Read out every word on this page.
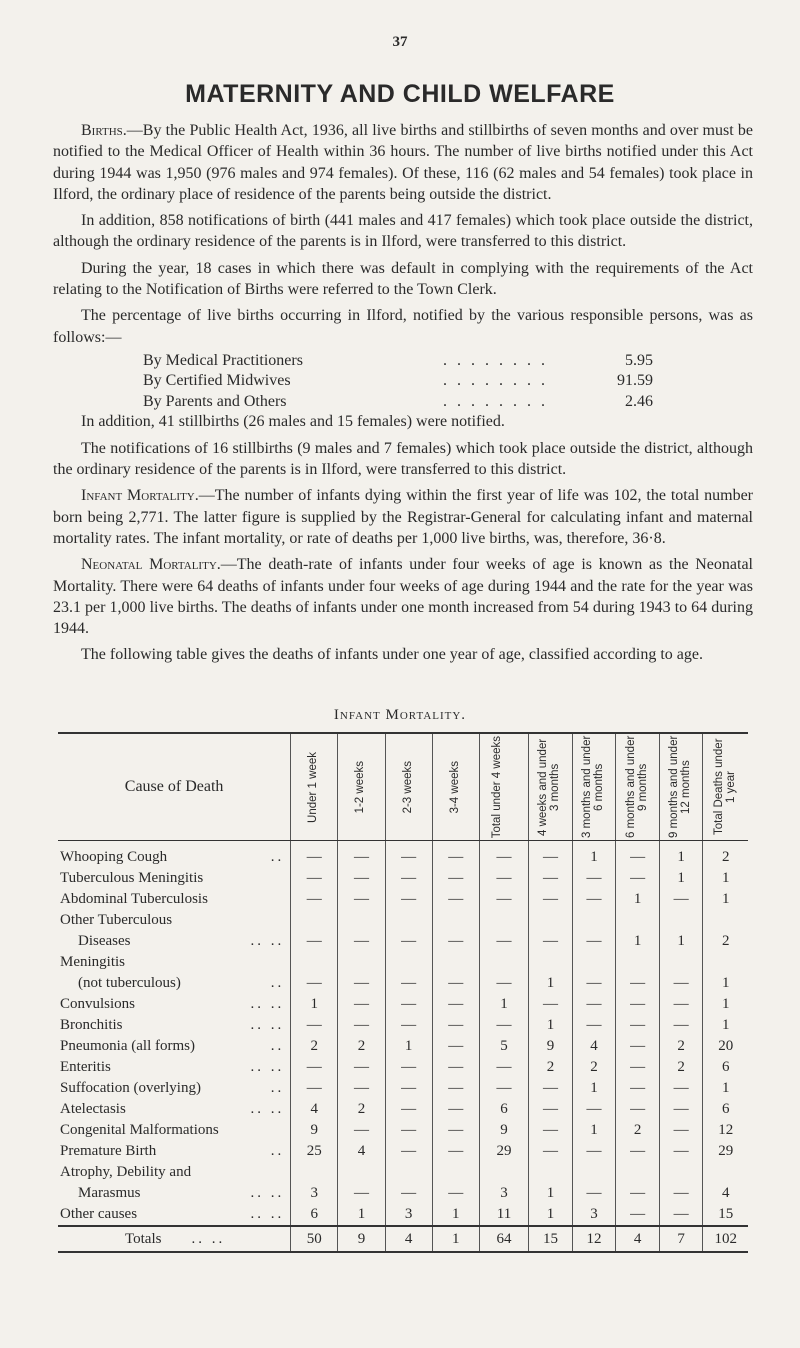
37
MATERNITY AND CHILD WELFARE

Births.—By the Public Health Act, 1936, all live births and stillbirths of seven months and over must be notified to the Medical Officer of Health within 36 hours. The number of live births notified under this Act during 1944 was 1,950 (976 males and 974 females). Of these, 116 (62 males and 54 females) took place in Ilford, the ordinary place of residence of the parents being outside the district.

In addition, 858 notifications of birth (441 males and 417 females) which took place outside the district, although the ordinary residence of the parents is in Ilford, were transferred to this district.

During the year, 18 cases in which there was default in complying with the requirements of the Act relating to the Notification of Births were referred to the Town Clerk.

The percentage of live births occurring in Ilford, notified by the various responsible persons, was as follows:—

By Medical Practitioners	. . . . . . . .	5.95
By Certified Midwives	. . . . . . . .	91.59
By Parents and Others	. . . . . . . .	2.46

In addition, 41 stillbirths (26 males and 15 females) were notified.

The notifications of 16 stillbirths (9 males and 7 females) which took place outside the district, although the ordinary residence of the parents is in Ilford, were transferred to this district.

Infant Mortality.—The number of infants dying within the first year of life was 102, the total number born being 2,771. The latter figure is supplied by the Registrar-General for calculating infant and maternal mortality rates. The infant mortality, or rate of deaths per 1,000 live births, was, therefore, 36·8.

Neonatal Mortality.—The death-rate of infants under four weeks of age is known as the Neonatal Mortality. There were 64 deaths of infants under four weeks of age during 1944 and the rate for the year was 23.1 per 1,000 live births. The deaths of infants under one month increased from 54 during 1943 to 64 during 1944.

The following table gives the deaths of infants under one year of age, classified according to age.

Infant Mortality.
Cause of Death	Under 1 week	1-2 weeks	2-3 weeks	3-4 weeks	Total under 4 weeks	4 weeks and under 3 months	3 months and under 6 months	6 months and under 9 months	9 months and under 12 months	Total Deaths under 1 year

Whooping Cough ..	—	—	—	—	—	—	1	—	1	2
Tuberculous Meningitis	—	—	—	—	—	—	—	—	1	1
Abdominal Tuberculosis	—	—	—	—	—	—	—	1	—	1
Other Tuberculous
Diseases .. ..	—	—	—	—	—	—	—	1	1	2
Meningitis
(not tuberculous) ..	—	—	—	—	—	1	—	—	—	1
Convulsions .. ..	1	—	—	—	1	—	—	—	—	1
Bronchitis .. ..	—	—	—	—	—	1	—	—	—	1
Pneumonia (all forms) ..	2	2	1	—	5	9	4	—	2	20
Enteritis .. ..	—	—	—	—	—	2	2	—	2	6
Suffocation (overlying) ..	—	—	—	—	—	—	1	—	—	1
Atelectasis .. ..	4	2	—	—	6	—	—	—	—	6
Congenital Malformations	9	—	—	—	9	—	1	2	—	12
Premature Birth ..	25	4	—	—	29	—	—	—	—	29
Atrophy, Debility and
Marasmus .. ..	3	—	—	—	3	1	—	—	—	4
Other causes .. ..	6	1	3	1	11	1	3	—	—	15
Totals .. ..	50	9	4	1	64	15	12	4	7	102
